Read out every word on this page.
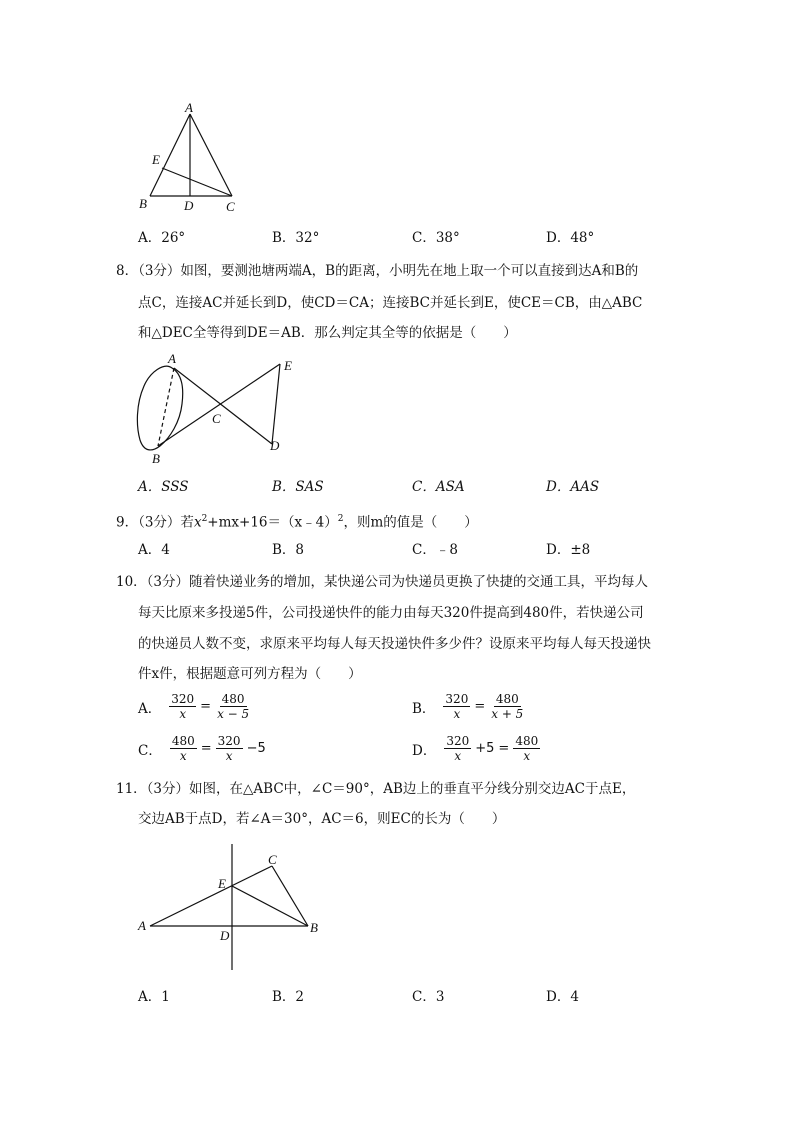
A
E
B	D	C
A．26°	B．32°	C．38°	D．48°
8．（3分）如图，要测池塘两端A，B的距离，小明先在地上取一个可以直接到达A和B的
点C，连接AC并延长到D，使CD＝CA；连接BC并延长到E，使CE＝CB，由△ABC
和△DEC全等得到DE＝AB．那么判定其全等的依据是（　　）
A	E
C
B
D
A．SSS	B．SAS	C．ASA	D．AAS
9．（3分）若$x^2+mx+16=(x﹣4)^2$，则m的值是（　　）
A．4	B．8	C．﹣8	D．±8
10．（3分）随着快递业务的增加，某快递公司为快递员更换了快捷的交通工具，平均每人
每天比原来多投递5件，公司投递快件的能力由每天320件提高到480件，若快递公司
的快递员人数不变，求原来平均每人每天投递快件多少件？设原来平均每人每天投递快
件x件，根据题意可列方程为（　　）
A． $\frac{320}{x} = \frac{480}{x - 5}$	B． $\frac{320}{x} = \frac{480}{x + 5}$
C． $\frac{480}{x} = \frac{320}{x} -5$	D． $\frac{320}{x} +5 = \frac{480}{x}$
11．（3分）如图，在△ABC中，∠C＝90°，AB边上的垂直平分线分别交边AC于点E，
交边AB于点D，若∠A＝30°，AC＝6，则EC的长为（　　）
C
E
A
D
B
A．1	B．2	C．3	D．4
